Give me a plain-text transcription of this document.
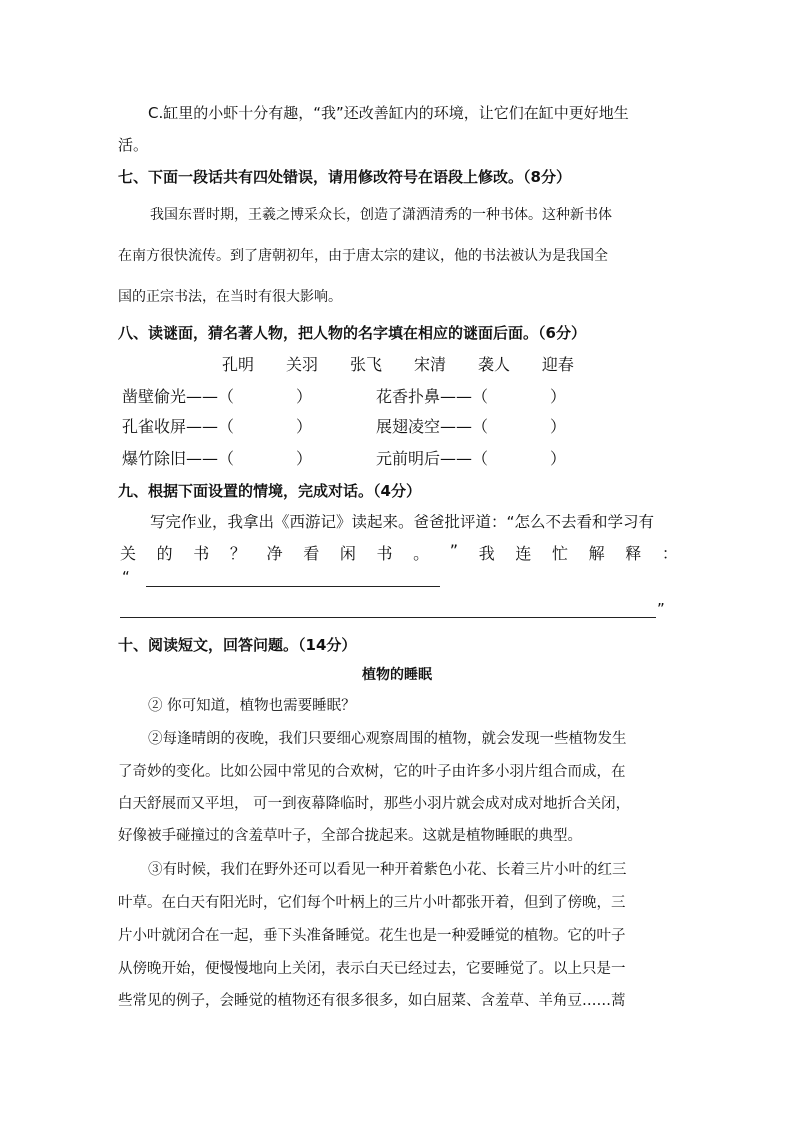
C.缸里的小虾十分有趣，“我”还改善缸内的环境，让它们在缸中更好地生
活。
七、下面一段话共有四处错误，请用修改符号在语段上修改。（8分）
我国东晋时期，王羲之博采众长，创造了潇洒清秀的一种书体。这种新书体
在南方很快流传。到了唐朝初年，由于唐太宗的建议，他的书法被认为是我国全
国的正宗书法，在当时有很大影响。
八、读谜面，猜名著人物，把人物的名字填在相应的谜面后面。（6分）
孔明 关羽 张飞 宋清 袭人 迎春
凿壁偷光——（	）	花香扑鼻——（	）
孔雀收屏——（	）	展翅凌空——（	）
爆竹除旧——（	）	元前明后——（	）
九、根据下面设置的情境，完成对话。（4分）
写完作业，我拿出《西游记》读起来。爸爸批评道：“怎么不去看和学习有
关 的 书 ？ 净 看 闲 书 。 ” 我 连 忙 解 释 ：
“
”
十、阅读短文，回答问题。（14分）
植物的睡眠
② 你可知道，植物也需要睡眠？
②每逢晴朗的夜晚，我们只要细心观察周围的植物，就会发现一些植物发生
了奇妙的变化。比如公园中常见的合欢树，它的叶子由许多小羽片组合而成，在
白天舒展而又平坦， 可一到夜幕降临时，那些小羽片就会成对成对地折合关闭，
好像被手碰撞过的含羞草叶子，全部合拢起来。这就是植物睡眠的典型。
③有时候，我们在野外还可以看见一种开着紫色小花、长着三片小叶的红三
叶草。在白天有阳光时，它们每个叶柄上的三片小叶都张开着，但到了傍晚，三
片小叶就闭合在一起，垂下头准备睡觉。花生也是一种爱睡觉的植物。它的叶子
从傍晚开始，便慢慢地向上关闭，表示白天已经过去，它要睡觉了。以上只是一
些常见的例子，会睡觉的植物还有很多很多，如白屈菜、含羞草、羊角豆……蒿
